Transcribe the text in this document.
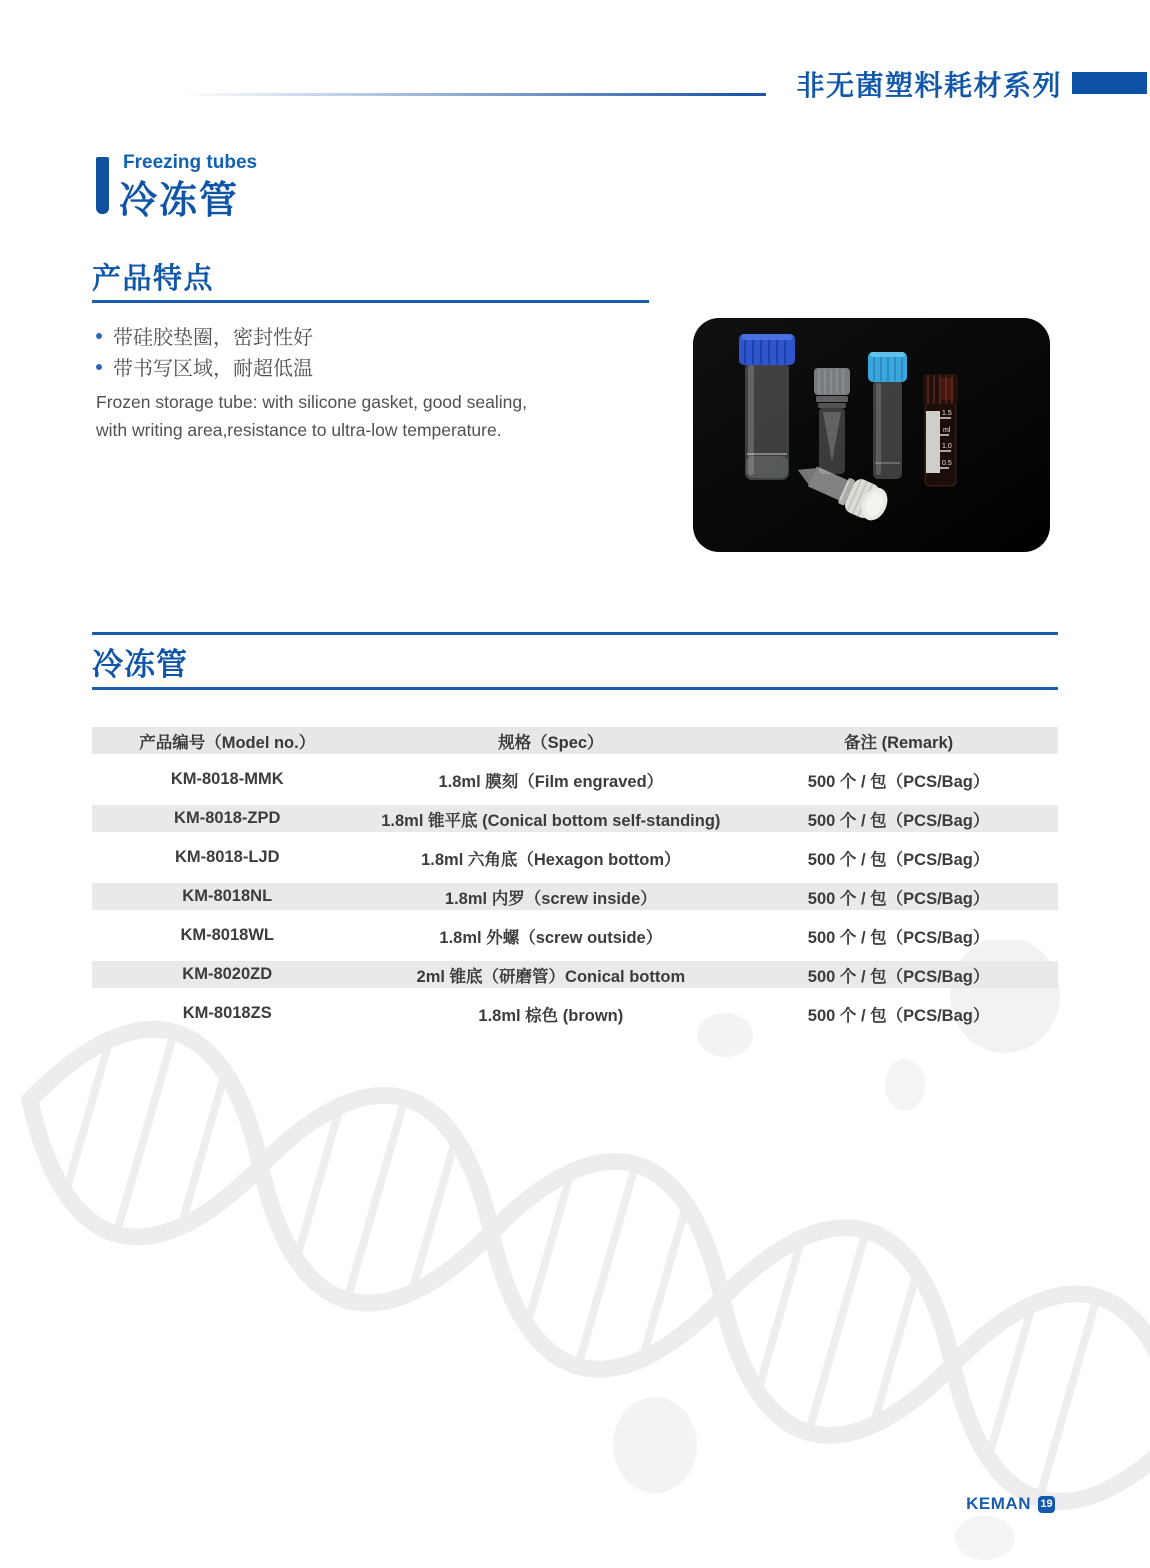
非无菌塑料耗材系列
Freezing tubes
冷冻管
产品特点
带硅胶垫圈，密封性好
带书写区域，耐超低温
Frozen storage tube: with silicone gasket, good sealing,
with writing area,resistance to ultra-low temperature.
1.5
ml
1.0
0.5
冷冻管
产品编号（Model no.）	规格（Spec）	备注 (Remark)
KM-8018-MMK	1.8ml 膜刻（Film engraved）	500 个 / 包（PCS/Bag）
KM-8018-ZPD	1.8ml 锥平底 (Conical bottom self-standing)	500 个 / 包（PCS/Bag）
KM-8018-LJD	1.8ml 六角底（Hexagon bottom）	500 个 / 包（PCS/Bag）
KM-8018NL	1.8ml 内罗（screw inside）	500 个 / 包（PCS/Bag）
KM-8018WL	1.8ml 外螺（screw outside）	500 个 / 包（PCS/Bag）
KM-8020ZD	2ml 锥底（研磨管）Conical bottom	500 个 / 包（PCS/Bag）
KM-8018ZS	1.8ml 棕色 (brown)	500 个 / 包（PCS/Bag）
KEMAN 19
